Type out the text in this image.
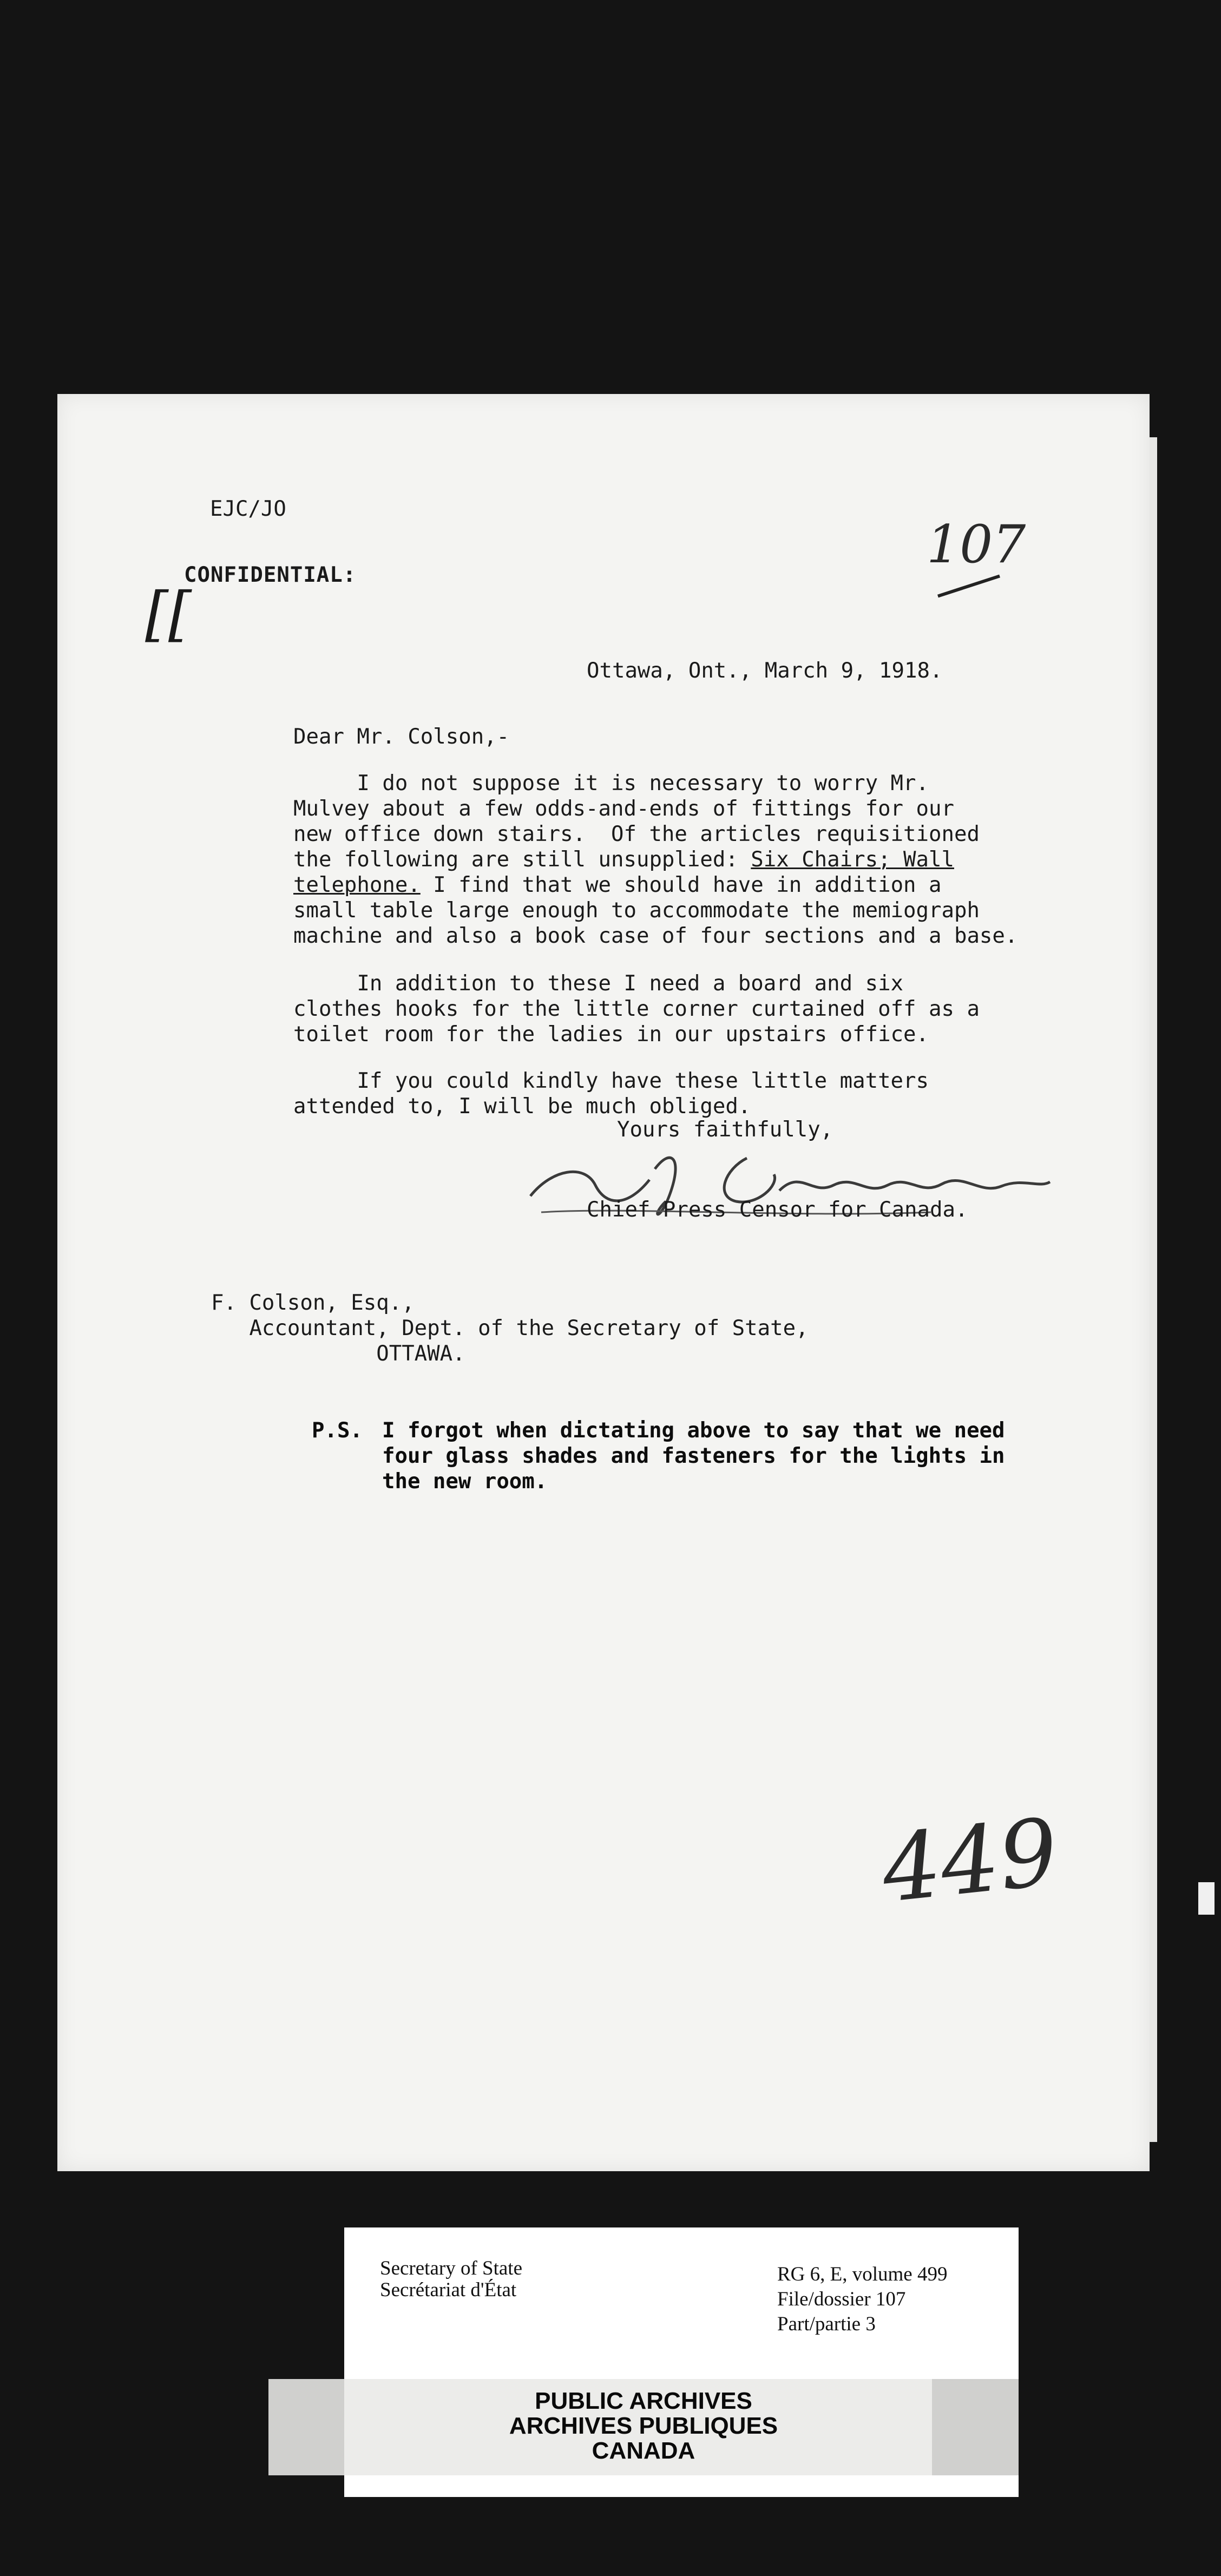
EJC/JO
CONFIDENTIAL:
[[
107
Ottawa, Ont., March 9, 1918.
Dear Mr. Colson,-
I do not suppose it is necessary to worry Mr.
Mulvey about a few odds-and-ends of fittings for our
new office down stairs.  Of the articles requisitioned
the following are still unsupplied: Six Chairs; Wall
telephone. I find that we should have in addition a
small table large enough to accommodate the memiograph
machine and also a book case of four sections and a base.
In addition to these I need a board and six
clothes hooks for the little corner curtained off as a
toilet room for the ladies in our upstairs office.
If you could kindly have these little matters
attended to, I will be much obliged.
Yours faithfully,
Chief Press Censor for Canada.
F. Colson, Esq.,
Accountant, Dept. of the Secretary of State,
OTTAWA.
P.S. I forgot when dictating above to say that we need
four glass shades and fasteners for the lights in
the new room.
449
Secretary of State
Secrétariat d'État
RG 6, E, volume 499
File/dossier 107
Part/partie 3
PUBLIC ARCHIVES
ARCHIVES PUBLIQUES
CANADA
